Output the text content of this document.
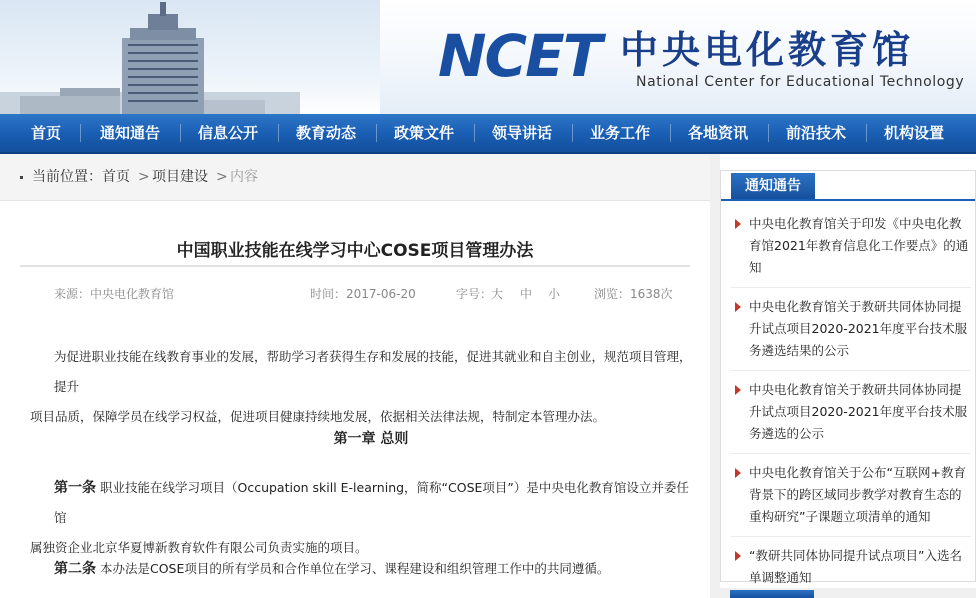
NCET 中央电化教育馆
National Center for Educational Technology
首页	通知通告	信息公开	教育动态	政策文件	领导讲话	业务工作	各地资讯	前沿技术	机构设置
当前位置： 首页 > 项目建设 > 内容
中国职业技能在线学习中心COSE项目管理办法
来源：中央电化教育馆	时间：2017-06-20	字号：
大 中 小	浏览：1638次
为促进职业技能在线教育事业的发展，帮助学习者获得生存和发展的技能，促进其就业和自主创业，规范项目管理，提升
项目品质，保障学员在线学习权益，促进项目健康持续地发展，依据相关法律法规，特制定本管理办法。
第一章 总则
第一条 职业技能在线学习项目（Occupation skill E-learning，简称“COSE项目”）是中央电化教育馆设立并委任馆
属独资企业北京华夏博新教育软件有限公司负责实施的项目。
第二条 本办法是COSE项目的所有学员和合作单位在学习、课程建设和组织管理工作中的共同遵循。
通知通告
中央电化教育馆关于印发《中央电化教育馆2021年教育信息化工作要点》的通知
中央电化教育馆关于教研共同体协同提升试点项目2020-2021年度平台技术服务遴选结果的公示
中央电化教育馆关于教研共同体协同提升试点项目2020-2021年度平台技术服务遴选的公示
中央电化教育馆关于公布“互联网+教育背景下的跨区域同步教学对教育生态的重构研究”子课题立项清单的通知
“教研共同体协同提升试点项目”入选名单调整通知
